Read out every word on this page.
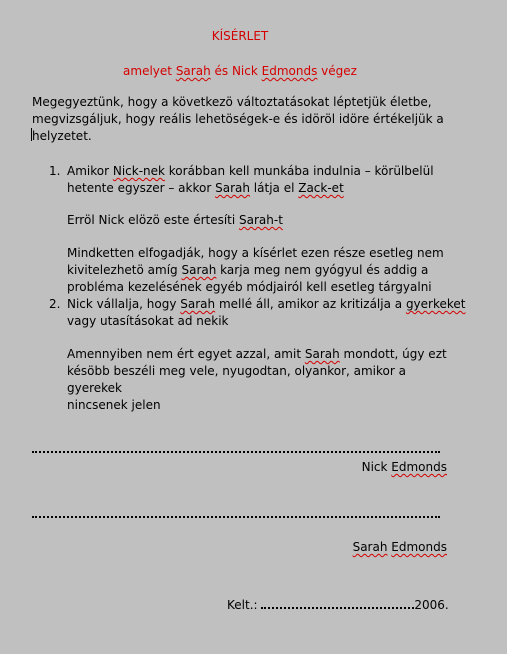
KÍSÉRLET
amelyet Sarah és Nick Edmonds végez
Megegyeztünk, hogy a következö változtatásokat léptetjük életbe,
megvizsgáljuk, hogy reális lehetöségek-e és idöröl idöre értékeljük a
helyzetet.
1. Amikor Nick-nek korábban kell munkába indulnia – körülbelül
hetente egyszer – akkor Sarah látja el Zack-et
Erröl Nick elözö este értesíti Sarah-t
Mindketten elfogadják, hogy a kísérlet ezen része esetleg nem
kivitelezhetö amíg Sarah karja meg nem gyógyul és addig a
probléma kezelésének egyéb módjairól kell esetleg tárgyalni
2. Nick vállalja, hogy Sarah mellé áll, amikor az kritizálja a gyerkeket
vagy utasításokat ad nekik
Amennyiben nem ért egyet azzal, amit Sarah mondott, úgy ezt
késöbb beszéli meg vele, nyugodtan, olyankor, amikor a gyerekek
nincsenek jelen
Nick Edmonds
Sarah Edmonds
Kelt.:	2006.
